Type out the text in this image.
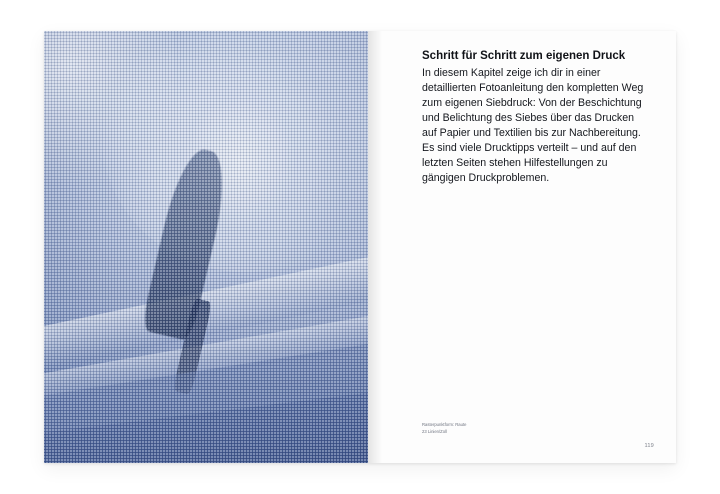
Schritt für Schritt zum eigenen Druck

In diesem Kapitel zeige ich dir in einer detaillierten Fotoanleitung den kompletten Weg zum eigenen Siebdruck: Von der Beschichtung und Belichtung des Siebes über das Drucken auf Papier und Textilien bis zur Nachbereitung. Es sind viele Drucktipps verteilt – und auf den letzten Seiten stehen Hilfestellungen zu gängigen Druckproblemen.

Rasterpunktform: Raute
23 Linien/Zoll
119
